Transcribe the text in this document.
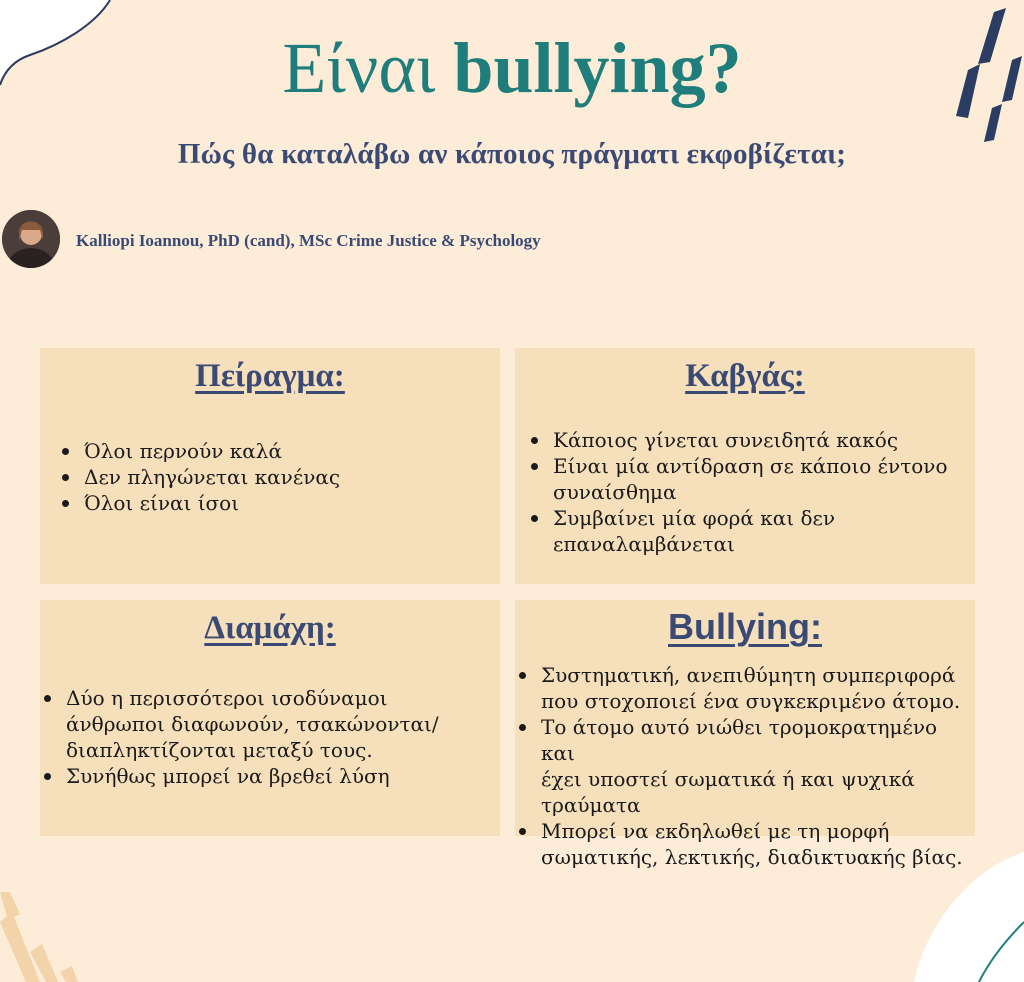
Είναι bullying?
Πώς θα καταλάβω αν κάποιος πράγματι εκφοβίζεται;
Kalliopi Ioannou, PhD (cand), MSc Crime Justice & Psychology
Πείραγμα:
Όλοι περνούν καλά
Δεν πληγώνεται κανένας
Όλοι είναι ίσοι
Καβγάς:
Κάποιος γίνεται συνειδητά κακός
Είναι μία αντίδραση σε κάποιο έντονο
συναίσθημα
Συμβαίνει μία φορά και δεν
επαναλαμβάνεται
Διαμάχη:
Δύο η περισσότεροι ισοδύναμοι
άνθρωποι διαφωνούν, τσακώνονται/
διαπληκτίζονται μεταξύ τους.
Συνήθως μπορεί να βρεθεί λύση
Bullying:
Συστηματική, ανεπιθύμητη συμπεριφορά
που στοχοποιεί ένα συγκεκριμένο άτομο.
Το άτομο αυτό νιώθει τρομοκρατημένο και
έχει υποστεί σωματικά ή και ψυχικά
τραύματα
Μπορεί να εκδηλωθεί με τη μορφή
σωματικής, λεκτικής, διαδικτυακής βίας.
